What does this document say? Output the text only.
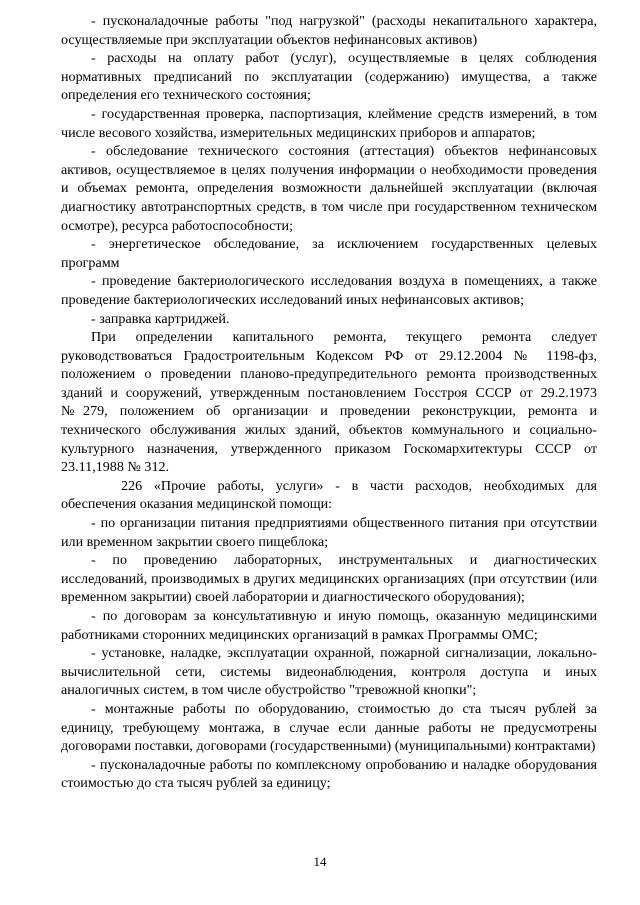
- пусконаладочные работы "под нагрузкой" (расходы некапитального характера, осуществляемые при эксплуатации объектов нефинансовых активов)

- расходы на оплату работ (услуг), осуществляемые в целях соблюдения нормативных предписаний по эксплуатации (содержанию) имущества, а также определения его технического состояния;

- государственная проверка, паспортизация, клеймение средств измерений, в том числе весового хозяйства, измерительных медицинских приборов и аппаратов;

- обследование технического состояния (аттестация) объектов нефинансовых активов, осуществляемое в целях получения информации о необходимости проведения и объемах ремонта, определения возможности дальнейшей эксплуатации (включая диагностику автотранспортных средств, в том числе при государственном техническом осмотре), ресурса работоспособности;

- энергетическое обследование, за исключением государственных целевых программ

- проведение бактериологического исследования воздуха в помещениях, а также проведение бактериологических исследований иных нефинансовых активов;

- заправка картриджей.

При определении капитального ремонта, текущего ремонта следует руководствоваться Градостроительным Кодексом РФ от 29.12.2004 № 1198-фз, положением о проведении планово-предупредительного ремонта производственных зданий и сооружений, утвержденным постановлением Госстроя СССР от 29.2.1973 №279, положением об организации и проведении реконструкции, ремонта и технического обслуживания жилых зданий, объектов коммунального и социально-культурного назначения, утвержденного приказом Госкомархитектуры СССР от 23.11,1988 № 312.

226 «Прочие работы, услуги» - в части расходов, необходимых для обеспечения оказания медицинской помощи:

- по организации питания предприятиями общественного питания при отсутствии или временном закрытии своего пищеблока;

- по проведению лабораторных, инструментальных и диагностических исследований, производимых в других медицинских организациях (при отсутствии (или временном закрытии) своей лаборатории и диагностического оборудования);

- по договорам за консультативную и иную помощь, оказанную медицинскими работниками сторонних медицинских организаций в рамках Программы ОМС;

- установке, наладке, эксплуатации охранной, пожарной сигнализации, локально-вычислительной сети, системы видеонаблюдения, контроля доступа и иных аналогичных систем, в том числе обустройство "тревожной кнопки";

- монтажные работы по оборудованию, стоимостью до ста тысяч рублей за единицу, требующему монтажа, в случае если данные работы не предусмотрены договорами поставки, договорами (государственными) (муниципальными) контрактами)

- пусконаладочные работы по комплексному опробованию и наладке оборудования стоимостью до ста тысяч рублей за единицу;

14
